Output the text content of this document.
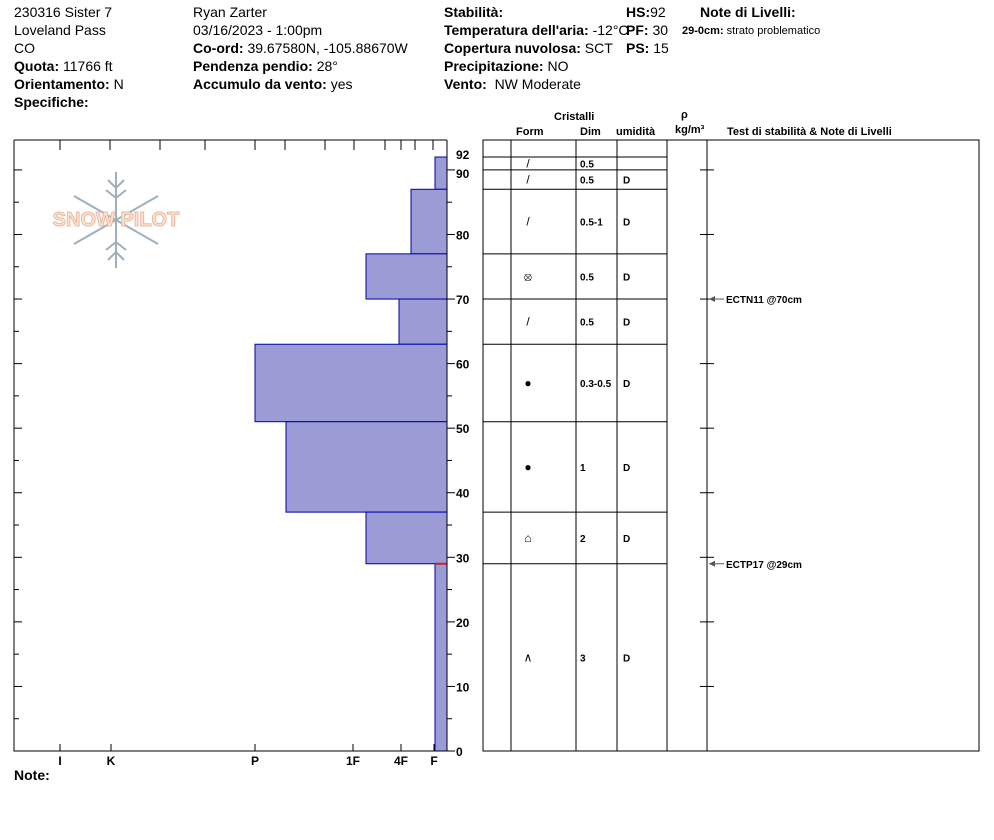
230316 Sister 7
Loveland Pass
CO
Quota: 11766 ft
Orientamento: N
Specifiche:
Ryan Zarter
03/16/2023 - 1:00pm
Co-ord: 39.67580N, -105.88670W
Pendenza pendio: 28°
Accumulo da vento: yes
Stabilità:
Temperatura dell'aria: -12°C
Copertura nuvolosa: SCT
Precipitazione: NO
Vento: NW Moderate
HS:92
PF: 30
PS: 15
Note di Livelli:
29-0cm: strato problematico
Cristalli
Form	Dim umidità
ρ
kg/m³ Test di stabilità & Note di Livelli
SNOW PILOT
0
10
20
30
40
50
60
70
80
90
92
I	K	P	1F	4F F
/	0.5
/	0.5	D
/	0.5-1 D
⦻	0.5	D
/	0.5	D
●	0.3-0.5 D
●	1	D
⌂	2	D
∧	3	D
ECTN11 @70cm
ECTP17 @29cm
Note:
